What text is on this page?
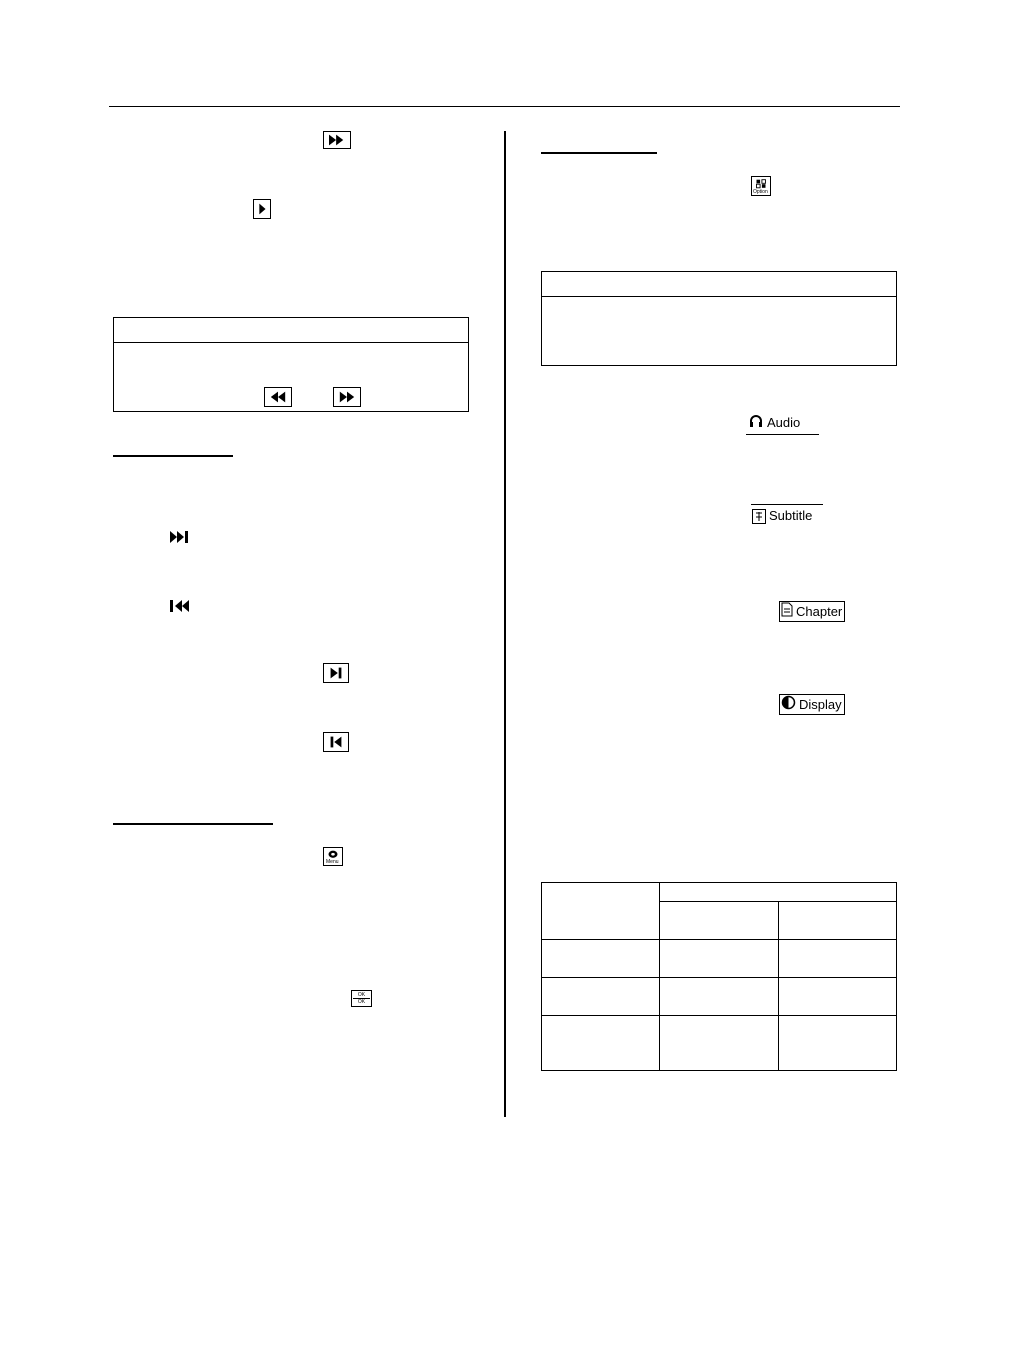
Menu
OK
OK
Option
Audio
Subtitle
Chapter
Display
